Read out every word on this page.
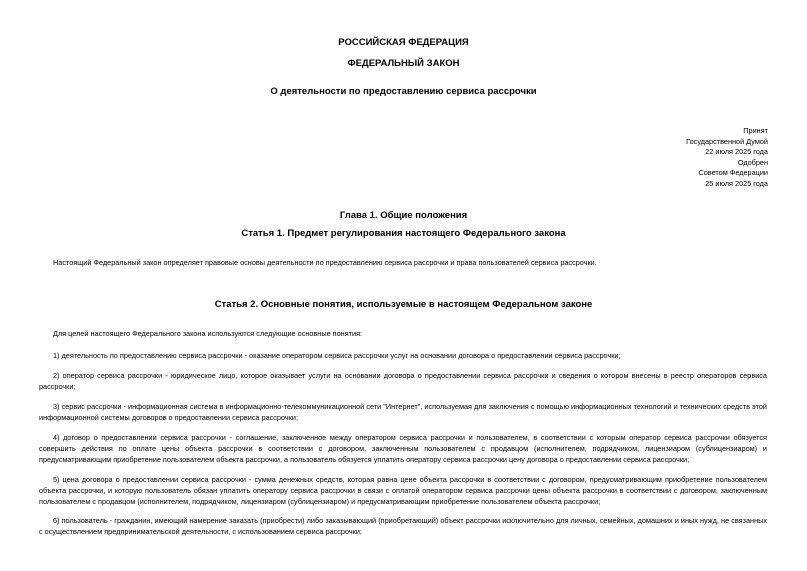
РОССИЙСКАЯ ФЕДЕРАЦИЯ
ФЕДЕРАЛЬНЫЙ ЗАКОН
О деятельности по предоставлению сервиса рассрочки
Принят
Государственной Думой
22 июля 2025 года
Одобрен
Советом Федерации
25 июля 2025 года
Глава 1. Общие положения
Статья 1. Предмет регулирования настоящего Федерального закона

Настоящий Федеральный закон определяет правовые основы деятельности по предоставлению сервиса рассрочки и права пользователей сервиса рассрочки.

Статья 2. Основные понятия, используемые в настоящем Федеральном законе

Для целей настоящего Федерального закона используются следующие основные понятия:

1) деятельность по предоставлению сервиса рассрочки - оказание оператором сервиса рассрочки услуг на основании договора о предоставлении сервиса рассрочки;

2) оператор сервиса рассрочки - юридическое лицо, которое оказывает услуги на основании договора о предоставлении сервиса рассрочки и сведения о котором внесены в реестр операторов сервиса рассрочки;

3) сервис рассрочки - информационная система в информационно-телекоммуникационной сети "Интернет", используемая для заключения с помощью информационных технологий и технических средств этой информационной системы договоров о предоставлении сервиса рассрочки;

4) договор о предоставлении сервиса рассрочки - соглашение, заключенное между оператором сервиса рассрочки и пользователем, в соответствии с которым оператор сервиса рассрочки обязуется совершить действия по оплате цены объекта рассрочки в соответствии с договором, заключенным пользователем с продавцом (исполнителем, подрядчиком, лицензиаром (сублицензиаром) и предусматривающим приобретение пользователем объекта рассрочки, а пользователь обязуется уплатить оператору сервиса рассрочки цену договора о предоставлении сервиса рассрочки;

5) цена договора о предоставлении сервиса рассрочки - сумма денежных средств, которая равна цене объекта рассрочки в соответствии с договором, предусматривающим приобретение пользователем объекта рассрочки, и которую пользователь обязан уплатить оператору сервиса рассрочки в связи с оплатой оператором сервиса рассрочки цены объекта рассрочки в соответствии с договором, заключенным пользователем с продавцом (исполнителем, подрядчиком, лицензиаром (сублицензиаром) и предусматривающим приобретение пользователем объекта рассрочки;

6) пользователь - гражданин, имеющий намерение заказать (приобрести) либо заказывающий (приобретающий) объект рассрочки исключительно для личных, семейных, домашних и иных нужд, не связанных с осуществлением предпринимательской деятельности, с использованием сервиса рассрочки;
